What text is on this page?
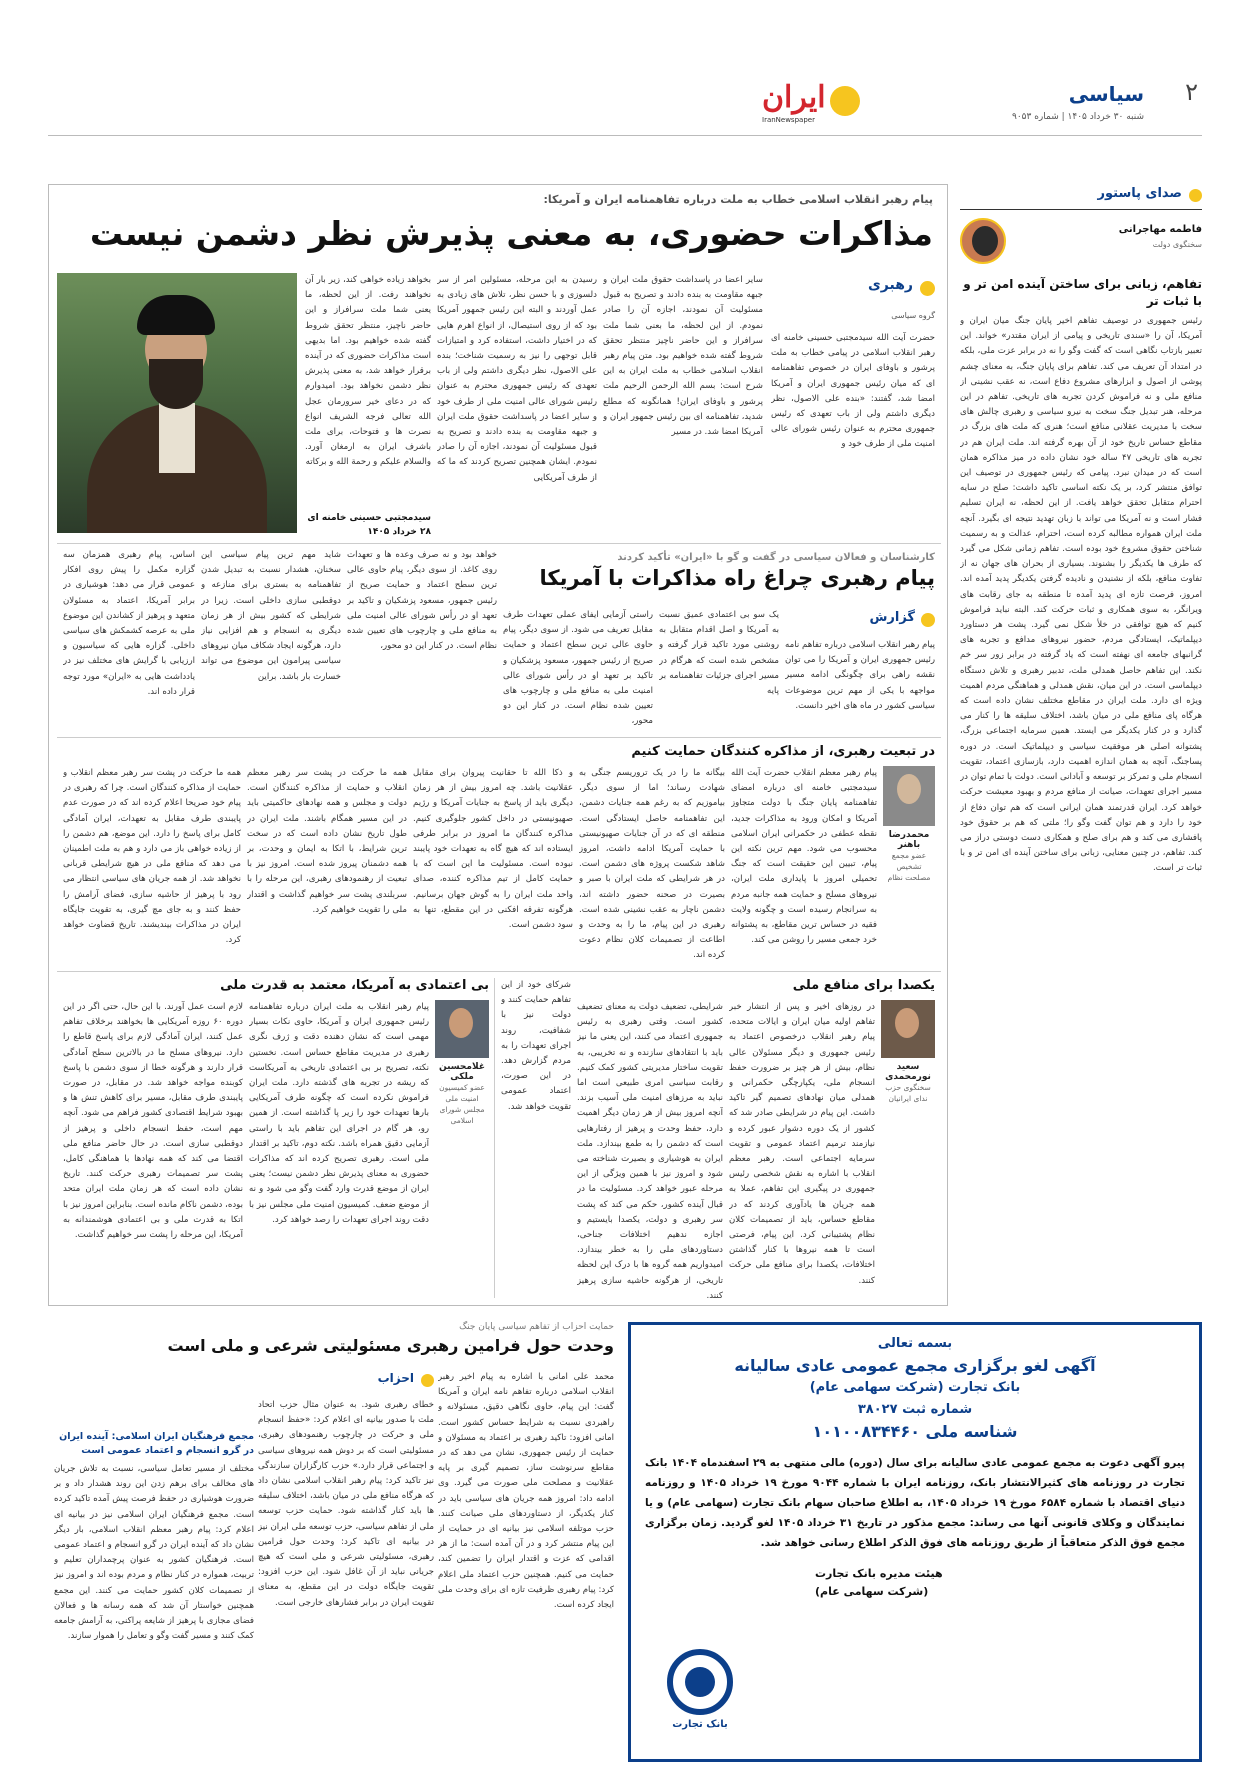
۲
سیاسی
شنبه ۳۰ خرداد ۱۴۰۵ | شماره ۹۰۵۳
ایران
IranNewspaper
صدای پاستور
فاطمه مهاجرانی
سخنگوی دولت
تفاهم، زبانی برای ساختن آینده امن تر و با ثبات تر
رئیس جمهوری در توصیف تفاهم اخیر پایان جنگ میان ایران و آمریکا، آن را «سندی تاریخی و پیامی از ایران مقتدر» خواند. این تعبیر بازتاب نگاهی است که گفت وگو را نه در برابر عزت ملی، بلکه در امتداد آن تعریف می کند. تفاهم برای پایان جنگ، به معنای چشم پوشی از اصول و ابزارهای مشروع دفاع است، نه عقب نشینی از منافع ملی و نه فراموش کردن تجربه های تاریخی. تفاهم در این مرحله، هنر تبدیل جنگ سخت به نیرو سیاسی و رهبری چالش های سخت با مدیریت عقلانی منافع است؛ هنری که ملت های بزرگ در مقاطع حساس تاریخ خود از آن بهره گرفته اند. ملت ایران هم در تجربه های تاریخی ۴۷ ساله خود نشان داده در میز مذاکره همان است که در میدان نبرد. پیامی که رئیس جمهوری در توصیف این توافق منتشر کرد، بر یک نکته اساسی تاکید داشت: صلح در سایه احترام متقابل تحقق خواهد یافت. از این لحظه، نه ایران تسلیم فشار است و نه آمریکا می تواند با زبان تهدید نتیجه ای بگیرد. آنچه ملت ایران همواره مطالبه کرده است، احترام، عدالت و به رسمیت شناختن حقوق مشروع خود بوده است. تفاهم زمانی شکل می گیرد که طرف ها یکدیگر را بشنوند. بسیاری از بحران های جهان نه از تفاوت منافع، بلکه از نشنیدن و نادیده گرفتن یکدیگر پدید آمده اند. امروز، فرصت تازه ای پدید آمده تا منطقه به جای رقابت های ویرانگر، به سوی همکاری و ثبات حرکت کند. البته نباید فراموش کنیم که هیچ توافقی در خلأ شکل نمی گیرد. پشت هر دستاورد دیپلماتیک، ایستادگی مردم، حضور نیروهای مدافع و تجربه های گرانبهای جامعه ای نهفته است که یاد گرفته در برابر زور سر خم نکند. این تفاهم حاصل همدلی ملت، تدبیر رهبری و تلاش دستگاه دیپلماسی است. در این میان، نقش همدلی و هماهنگی مردم اهمیت ویژه ای دارد. ملت ایران در مقاطع مختلف نشان داده است که هرگاه پای منافع ملی در میان باشد، اختلاف سلیقه ها را کنار می گذارد و در کنار یکدیگر می ایستد. همین سرمایه اجتماعی بزرگ، پشتوانه اصلی هر موفقیت سیاسی و دیپلماتیک است. در دوره پساجنگ، آنچه به همان اندازه اهمیت دارد، بازسازی اعتماد، تقویت انسجام ملی و تمرکز بر توسعه و آبادانی است. دولت با تمام توان در مسیر اجرای تعهدات، صیانت از منافع مردم و بهبود معیشت حرکت خواهد کرد. ایران قدرتمند همان ایرانی است که هم توان دفاع از خود را دارد و هم توان گفت وگو را؛ ملتی که هم بر حقوق خود پافشاری می کند و هم برای صلح و همکاری دست دوستی دراز می کند. تفاهم، در چنین معنایی، زبانی برای ساختن آینده ای امن تر و با ثبات تر است.
پیام رهبر انقلاب اسلامی خطاب به ملت درباره تفاهمنامه ایران و آمریکا:
مذاکرات حضوری، به معنی پذیرش نظر دشمن نیست
رهبری
گروه سیاسی
حضرت آیت الله سیدمجتبی حسینی خامنه ای رهبر انقلاب اسلامی در پیامی خطاب به ملت پرشور و باوفای ایران در خصوص تفاهمنامه ای که میان رئیس جمهوری ایران و آمریکا امضا شد، گفتند: «بنده علی الاصول، نظر دیگری داشتم ولی از باب تعهدی که رئیس جمهوری محترم به عنوان رئیس شورای عالی امنیت ملی از طرف خود و
سایر اعضا در پاسداشت حقوق ملت ایران و جبهه مقاومت به بنده دادند و تصریح به قبول مسئولیت آن نمودند، اجازه آن را صادر نمودم. از این لحظه، ما بعنی شما ملت سرافراز و این حاضر ناچیز منتظر تحقق شروط گفته شده خواهیم بود. متن پیام رهبر انقلاب اسلامی خطاب به ملت ایران به این شرح است: بسم الله الرحمن الرحیم ملت پرشور و باوفای ایران! همانگونه که مطلع شدید، تفاهمنامه ای بین رئیس جمهور ایران و آمریکا امضا شد. در مسیر
رسیدن به این مرحله، مسئولین امر از سر دلسوزی و با حسن نظر، تلاش های زیادی به عمل آوردند و البته این رئیس جمهور آمریکا بود که از روی استیصال، از انواع اهرم هایی که در اختیار داشت، استفاده کرد و امتیازات قابل توجهی را نیز به رسمیت شناخت؛ بنده علی الاصول، نظر دیگری داشتم ولی از باب تعهدی که رئیس جمهوری محترم به عنوان رئیس شورای عالی امنیت ملی از طرف خود و سایر اعضا در پاسداشت حقوق ملت ایران و جبهه مقاومت به بنده دادند و تصریح به قبول مسئولیت آن نمودند، اجازه آن را صادر نمودم. ایشان همچنین تصریح کردند که ما که از طرف آمریکایی
بخواهد زیاده خواهی کند، زیر بار آن نخواهند رفت. از این لحظه، ما یعنی شما ملت سرافراز و این حاضر ناچیز، منتظر تحقق شروط گفته شده خواهیم بود. اما بدیهی است مذاکرات حضوری که در آینده برقرار خواهد شد، به معنی پذیرش نظر دشمن نخواهد بود. امیدوارم که در دعای خیر سرورمان عجل الله تعالی فرجه الشریف انواع نصرت ها و فتوحات، برای ملت باشرف ایران به ارمغان آورد. والسلام علیکم و رحمة الله و برکاته
سیدمجتبی حسینی خامنه ای
۲۸ خرداد ۱۴۰۵
کارشناسان و فعالان سیاسی در گفت و گو با «ایران» تأکید کردند
پیام رهبری چراغ راه مذاکرات با آمریکا
گزارش
پیام رهبر انقلاب اسلامی درباره تفاهم نامه رئیس جمهوری ایران و آمریکا را می توان نقشه راهی برای چگونگی ادامه مسیر مواجهه با یکی از مهم ترین موضوعات سیاسی کشور در ماه های اخیر دانست.
یک سو بی اعتمادی عمیق نسبت به آمریکا و اصل اقدام متقابل به روشنی مورد تاکید قرار گرفته و مشخص شده است که هرگام در مسیر اجرای جزئیات تفاهمنامه بر پایه
راستی آزمایی ایفای عملی تعهدات طرف مقابل تعریف می شود. از سوی دیگر، پیام حاوی عالی ترین سطح اعتماد و حمایت صریح از رئیس جمهور، مسعود پزشکیان و تاکید بر تعهد او در رأس شورای عالی امنیت ملی به منافع ملی و چارچوب های تعیین شده نظام است. در کنار این دو محور،
خواهد بود و نه صرف وعده ها و تعهدات روی کاغذ. از سوی دیگر، پیام حاوی عالی ترین سطح اعتماد و حمایت صریح از رئیس جمهور، مسعود پزشکیان و تاکید بر تعهد او در رأس شورای عالی امنیت ملی به منافع ملی و چارچوب های تعیین شده نظام است. در کنار این دو محور،
شاید مهم ترین پیام سیاسی این سخنان، هشدار نسبت به تبدیل شدن تفاهمنامه به بستری برای منازعه و دوقطبی سازی داخلی است. زیرا در شرایطی که کشور بیش از هر زمان دیگری به انسجام و هم افزایی نیاز دارد، هرگونه ایجاد شکاف میان نیروهای سیاسی پیرامون این موضوع می تواند خسارت بار باشد. براین
اساس، پیام رهبری همزمان سه گزاره مکمل را پیش روی افکار عمومی قرار می دهد: هوشیاری در برابر آمریکا، اعتماد به مسئولان متعهد و پرهیز از کشاندن این موضوع ملی به عرصه کشمکش های سیاسی داخلی. گزاره هایی که سیاسیون و ارزیابی با گرایش های مختلف نیز در یادداشت هایی به «ایران» مورد توجه قرار داده اند.
در تبعیت رهبری، از مذاکره کنندگان حمایت کنیم
محمدرضا باهنر
عضو مجمع تشخیص مصلحت نظام
پیام رهبر معظم انقلاب حضرت آیت الله سیدمجتبی خامنه ای درباره امضای تفاهمنامه پایان جنگ با دولت متجاوز آمریکا و امکان ورود به مذاکرات جدید، نقطه عطفی در حکمرانی ایران اسلامی محسوب می شود. مهم ترین نکته این پیام، تبیین این حقیقت است که جنگ تحمیلی امروز با پایداری ملت ایران، نیروهای مسلح و حمایت همه جانبه مردم به سرانجام رسیده است و چگونه ولایت فقیه در حساس ترین مقاطع، به پشتوانه خرد جمعی مسیر را روشن می کند.
بیگانه ما را در یک تروریسم جنگی به شهادت رساند؛ اما از سوی دیگر، بیاموزیم که به رغم همه جنایات دشمن، این تفاهمنامه حاصل ایستادگی است. منطقه ای که در آن جنایات صهیونیستی با حمایت آمریکا ادامه داشت، امروز شاهد شکست پروژه های دشمن است. در هر شرایطی که ملت ایران با صبر و بصیرت در صحنه حضور داشته اند، دشمن ناچار به عقب نشینی شده است. رهبری در این پیام، ما را به وحدت و اطاعت از تصمیمات کلان نظام دعوت کرده اند.
و ذکا الله تا حقانیت پیروان برای مقابل عقلانیت باشد. چه امروز بیش از هر زمان دیگری باید از پاسخ به جنایات آمریکا و رژیم صهیونیستی در داخل کشور جلوگیری کنیم. مذاکره کنندگان ما امروز در برابر طرفی ایستاده اند که هیچ گاه به تعهدات خود پایبند نبوده است. مسئولیت ما این است که با حمایت کامل از تیم مذاکره کننده، صدای واحد ملت ایران را به گوش جهان برسانیم. هرگونه تفرقه افکنی در این مقطع، تنها به سود دشمن است.
همه ما حرکت در پشت سر رهبر معظم انقلاب و حمایت از مذاکره کنندگان است. دولت و مجلس و همه نهادهای حاکمیتی باید در این مسیر همگام باشند. ملت ایران در طول تاریخ نشان داده است که در سخت ترین شرایط، با اتکا به ایمان و وحدت، بر همه دشمنان پیروز شده است. امروز نیز با تبعیت از رهنمودهای رهبری، این مرحله را با سربلندی پشت سر خواهیم گذاشت و اقتدار ملی را تقویت خواهیم کرد.
همه ما حرکت در پشت سر رهبر معظم انقلاب و حمایت از مذاکره کنندگان است. چرا که رهبری در پیام خود صریحا اعلام کرده اند که در صورت عدم پایبندی طرف مقابل به تعهدات، ایران آمادگی کامل برای پاسخ را دارد. این موضع، هم دشمن را از زیاده خواهی باز می دارد و هم به ملت اطمینان می دهد که منافع ملی در هیچ شرایطی قربانی نخواهد شد. از همه جریان های سیاسی انتظار می رود با پرهیز از حاشیه سازی، فضای آرامش را حفظ کنند و به جای مچ گیری، به تقویت جایگاه ایران در مذاکرات بیندیشند. تاریخ قضاوت خواهد کرد.
یکصدا برای منافع ملی
سعید نورمحمدی
سخنگوی حزب ندای ایرانیان
در روزهای اخیر و پس از انتشار خبر تفاهم اولیه میان ایران و ایالات متحده، پیام رهبر انقلاب درخصوص اعتماد به رئیس جمهوری و دیگر مسئولان عالی نظام، بیش از هر چیز بر ضرورت حفظ انسجام ملی، یکپارچگی حکمرانی و همدلی میان نهادهای تصمیم گیر تاکید داشت. این پیام در شرایطی صادر شد که کشور از یک دوره دشوار عبور کرده و نیازمند ترمیم اعتماد عمومی و تقویت سرمایه اجتماعی است. رهبر معظم انقلاب با اشاره به نقش شخصی رئیس جمهوری در پیگیری این تفاهم، عملا به همه جریان ها یادآوری کردند که در مقاطع حساس، باید از تصمیمات کلان نظام پشتیبانی کرد. این پیام، فرصتی است تا همه نیروها با کنار گذاشتن اختلافات، یکصدا برای منافع ملی حرکت کنند.
شرایطی، تضعیف دولت به معنای تضعیف کشور است. وقتی رهبری به رئیس جمهوری اعتماد می کنند، این یعنی ما نیز باید با انتقادهای سازنده و نه تخریبی، به تقویت ساختار مدیریتی کشور کمک کنیم. رقابت سیاسی امری طبیعی است اما نباید به مرزهای امنیت ملی آسیب بزند. آنچه امروز بیش از هر زمان دیگر اهمیت دارد، حفظ وحدت و پرهیز از رفتارهایی است که دشمن را به طمع بیندازد. ملت ایران به هوشیاری و بصیرت شناخته می شود و امروز نیز با همین ویژگی از این مرحله عبور خواهد کرد. مسئولیت ما در قبال آینده کشور، حکم می کند که پشت سر رهبری و دولت، یکصدا بایستیم و اجازه ندهیم اختلافات جناحی، دستاوردهای ملی را به خطر بیندازد. امیدواریم همه گروه ها با درک این لحظه تاریخی، از هرگونه حاشیه سازی پرهیز کنند.
شرکای خود از این تفاهم حمایت کنند و دولت نیز با شفافیت، روند اجرای تعهدات را به مردم گزارش دهد. در این صورت، اعتماد عمومی تقویت خواهد شد.
بی اعتمادی به آمریکا، معتمد به قدرت ملی
غلامحسین ملکی
عضو کمیسیون امنیت ملی مجلس شورای اسلامی
پیام رهبر انقلاب به ملت ایران درباره تفاهمنامه رئیس جمهوری ایران و آمریکا، حاوی نکات بسیار مهمی است که نشان دهنده دقت و ژرف نگری رهبری در مدیریت مقاطع حساس است. نخستین نکته، تصریح بر بی اعتمادی تاریخی به آمریکاست که ریشه در تجربه های گذشته دارد. ملت ایران فراموش نکرده است که چگونه طرف آمریکایی بارها تعهدات خود را زیر پا گذاشته است. از همین رو، هر گام در اجرای این تفاهم باید با راستی آزمایی دقیق همراه باشد. نکته دوم، تاکید بر اقتدار ملی است. رهبری تصریح کرده اند که مذاکرات حضوری به معنای پذیرش نظر دشمن نیست؛ یعنی ایران از موضع قدرت وارد گفت وگو می شود و نه از موضع ضعف. کمیسیون امنیت ملی مجلس نیز با دقت روند اجرای تعهدات را رصد خواهد کرد.
لازم است عمل آورند. با این حال، حتی اگر در این دوره ۶۰ روزه آمریکایی ها بخواهند برخلاف تفاهم عمل کنند، ایران آمادگی لازم برای پاسخ قاطع را دارد. نیروهای مسلح ما در بالاترین سطح آمادگی قرار دارند و هرگونه خطا از سوی دشمن با پاسخ کوبنده مواجه خواهد شد. در مقابل، در صورت پایبندی طرف مقابل، مسیر برای کاهش تنش ها و بهبود شرایط اقتصادی کشور فراهم می شود. آنچه مهم است، حفظ انسجام داخلی و پرهیز از دوقطبی سازی است. در حال حاضر منافع ملی اقتضا می کند که همه نهادها با هماهنگی کامل، پشت سر تصمیمات رهبری حرکت کنند. تاریخ نشان داده است که هر زمان ملت ایران متحد بوده، دشمن ناکام مانده است. بنابراین امروز نیز با اتکا به قدرت ملی و بی اعتمادی هوشمندانه به آمریکا، این مرحله را پشت سر خواهیم گذاشت.
حمایت احزاب از تفاهم سیاسی پایان جنگ
وحدت حول فرامین رهبری مسئولیتی شرعی و ملی است
احزاب	محمد علی امانی با اشاره به پیام اخیر رهبر انقلاب اسلامی درباره تفاهم نامه ایران و آمریکا گفت: این پیام، حاوی نگاهی دقیق، مسئولانه و راهبردی نسبت به شرایط حساس کشور است. امانی افزود: تاکید رهبری بر اعتماد به مسئولان و حمایت از رئیس جمهوری، نشان می دهد که در مقاطع سرنوشت ساز، تصمیم گیری بر پایه عقلانیت و مصلحت ملی صورت می گیرد. وی ادامه داد: امروز همه جریان های سیاسی باید در کنار یکدیگر، از دستاوردهای ملی صیانت کنند. حزب موتلفه اسلامی نیز بیانیه ای در حمایت از این پیام منتشر کرد و در آن آمده است: ما از هر اقدامی که عزت و اقتدار ایران را تضمین کند، حمایت می کنیم. همچنین حزب اعتماد ملی اعلام کرد: پیام رهبری ظرفیت تازه ای برای وحدت ملی ایجاد کرده است.
خطای رهبری شود. به عنوان مثال حزب اتحاد ملت با صدور بیانیه ای اعلام کرد: «حفظ انسجام ملی و حرکت در چارچوب رهنمودهای رهبری، مسئولیتی است که بر دوش همه نیروهای سیاسی و اجتماعی قرار دارد.» حزب کارگزاران سازندگی نیز تاکید کرد: پیام رهبر انقلاب اسلامی نشان داد که هرگاه منافع ملی در میان باشد، اختلاف سلیقه ها باید کنار گذاشته شود. حمایت حزب توسعه ملی از تفاهم سیاسی، حزب توسعه ملی ایران نیز در بیانیه ای تاکید کرد: وحدت حول فرامین رهبری، مسئولیتی شرعی و ملی است که هیچ جریانی نباید از آن غافل شود. این حزب افزود: تقویت جایگاه دولت در این مقطع، به معنای تقویت ایران در برابر فشارهای خارجی است.
مجمع فرهنگیان ایران اسلامی: آینده ایران در گرو انسجام و اعتماد عمومی است
مختلف از مسیر تعامل سیاسی، نسبت به تلاش جریان های مخالف برای برهم زدن این روند هشدار داد و بر ضرورت هوشیاری در حفظ فرصت پیش آمده تاکید کرده است. مجمع فرهنگیان ایران اسلامی نیز در بیانیه ای اعلام کرد: پیام رهبر معظم انقلاب اسلامی، بار دیگر نشان داد که آینده ایران در گرو انسجام و اعتماد عمومی است. فرهنگیان کشور به عنوان پرچمداران تعلیم و تربیت، همواره در کنار نظام و مردم بوده اند و امروز نیز از تصمیمات کلان کشور حمایت می کنند. این مجمع همچنین خواستار آن شد که همه رسانه ها و فعالان فضای مجازی با پرهیز از شایعه پراکنی، به آرامش جامعه کمک کنند و مسیر گفت وگو و تعامل را هموار سازند.
بسمه تعالی
آگهی لغو برگزاری مجمع عمومی عادی سالیانه
بانک تجارت (شرکت سهامی عام)
شماره ثبت ۳۸۰۲۷
شناسه ملی ۱۰۱۰۰۸۳۴۴۶۰
پیرو آگهی دعوت به مجمع عمومی عادی سالیانه برای سال (دوره) مالی منتهی به ۲۹ اسفندماه ۱۴۰۴ بانک تجارت در روزنامه های کثیرالانتشار بانک، روزنامه ایران با شماره ۹۰۴۴ مورخ ۱۹ خرداد ۱۴۰۵ و روزنامه دنیای اقتصاد با شماره ۶۵۸۴ مورخ ۱۹ خرداد ۱۴۰۵، به اطلاع صاحبان سهام بانک تجارت (سهامی عام) و یا نمایندگان و وکلای قانونی آنها می رساند: مجمع مذکور در تاریخ ۳۱ خرداد ۱۴۰۵ لغو گردید. زمان برگزاری مجمع فوق الذکر متعاقباً از طریق روزنامه های فوق الذکر اطلاع رسانی خواهد شد.
هیئت مدیره بانک تجارت
(شرکت سهامی عام)
بانک تجارت
